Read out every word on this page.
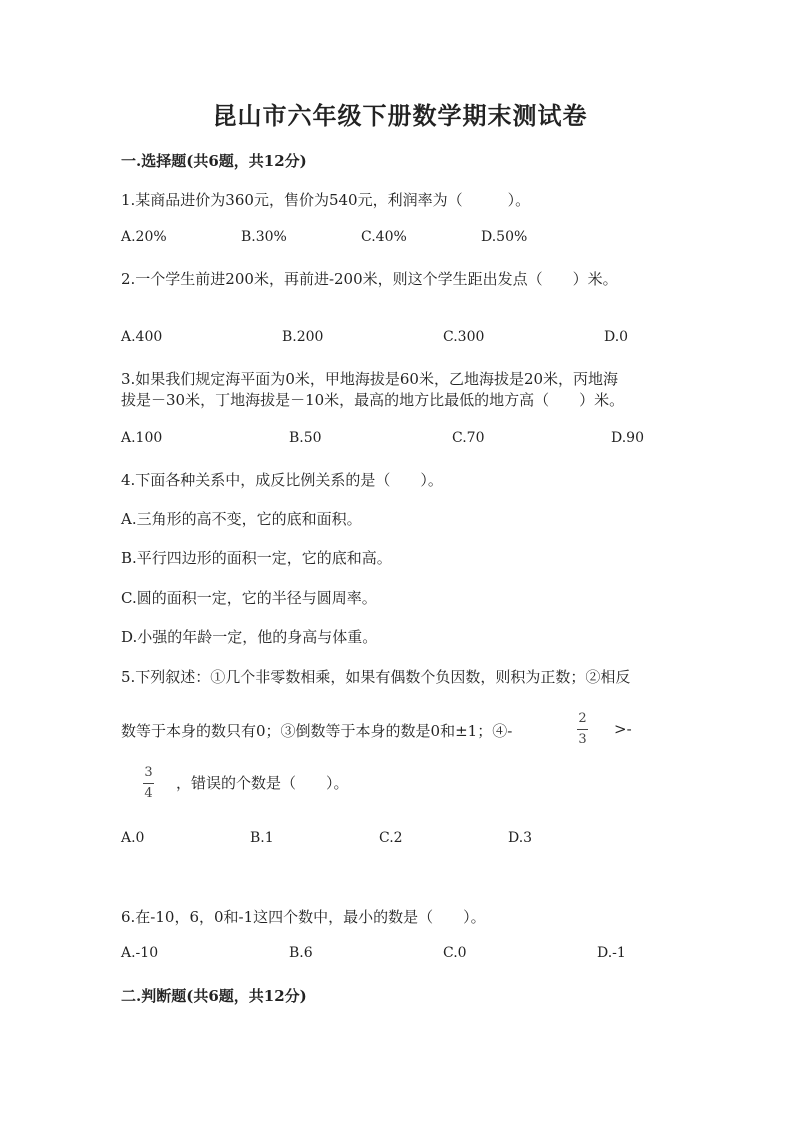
昆山市六年级下册数学期末测试卷
一.选择题(共6题，共12分)
1.某商品进价为360元，售价为540元，利润率为（　　　）。
A.20%	B.30%	C.40%	D.50%
2.一个学生前进200米，再前进-200米，则这个学生距出发点（　　）米。
A.400	B.200	C.300	D.0
3.如果我们规定海平面为0米，甲地海拔是60米，乙地海拔是20米，丙地海
拔是－30米，丁地海拔是－10米，最高的地方比最低的地方高（　　）米。
A.100	B.50	C.70	D.90
4.下面各种关系中，成反比例关系的是（　　）。
A.三角形的高不变，它的底和面积。
B.平行四边形的面积一定，它的底和高。
C.圆的面积一定，它的半径与圆周率。
D.小强的年龄一定，他的身高与体重。
5.下列叙述：①几个非零数相乘，如果有偶数个负因数，则积为正数；②相反
数等于本身的数只有0；③倒数等于本身的数是0和±1；④-
2
3
>-
3
4
，错误的个数是（　　）。
A.0	B.1	C.2	D.3
6.在-10，6，0和-1这四个数中，最小的数是（　　）。
A.-10	B.6	C.0	D.-1
二.判断题(共6题，共12分)
